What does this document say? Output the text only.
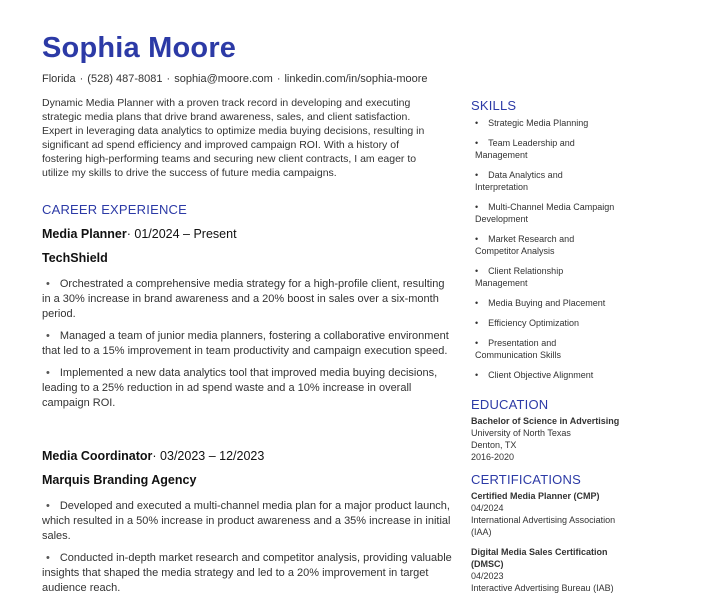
Sophia Moore
Florida · (528) 487-8081 · sophia@moore.com · linkedin.com/in/sophia-moore
Dynamic Media Planner with a proven track record in developing and executing strategic media plans that drive brand awareness, sales, and client satisfaction. Expert in leveraging data analytics to optimize media buying decisions, resulting in significant ad spend efficiency and improved campaign ROI. With a history of fostering high-performing teams and securing new client contracts, I am eager to utilize my skills to drive the success of future media campaigns.
CAREER EXPERIENCE
Media Planner· 01/2024 – Present
TechShield
• Orchestrated a comprehensive media strategy for a high-profile client, resulting in a 30% increase in brand awareness and a 20% boost in sales over a six-month period.
• Managed a team of junior media planners, fostering a collaborative environment that led to a 15% improvement in team productivity and campaign execution speed.
• Implemented a new data analytics tool that improved media buying decisions, leading to a 25% reduction in ad spend waste and a 10% increase in overall campaign ROI.
Media Coordinator· 03/2023 – 12/2023
Marquis Branding Agency
• Developed and executed a multi-channel media plan for a major product launch, which resulted in a 50% increase in product awareness and a 35% increase in initial sales.
• Conducted in-depth market research and competitor analysis, providing valuable insights that shaped the media strategy and led to a 20% improvement in target audience reach.
SKILLS
• Strategic Media Planning
• Team Leadership and Management
• Data Analytics and Interpretation
• Multi-Channel Media Campaign Development
• Market Research and Competitor Analysis
• Client Relationship Management
• Media Buying and Placement
• Efficiency Optimization
• Presentation and Communication Skills
• Client Objective Alignment
EDUCATION
Bachelor of Science in Advertising
University of North Texas
Denton, TX
2016-2020
CERTIFICATIONS
Certified Media Planner (CMP)
04/2024
International Advertising Association (IAA)
Digital Media Sales Certification (DMSC)
04/2023
Interactive Advertising Bureau (IAB)
